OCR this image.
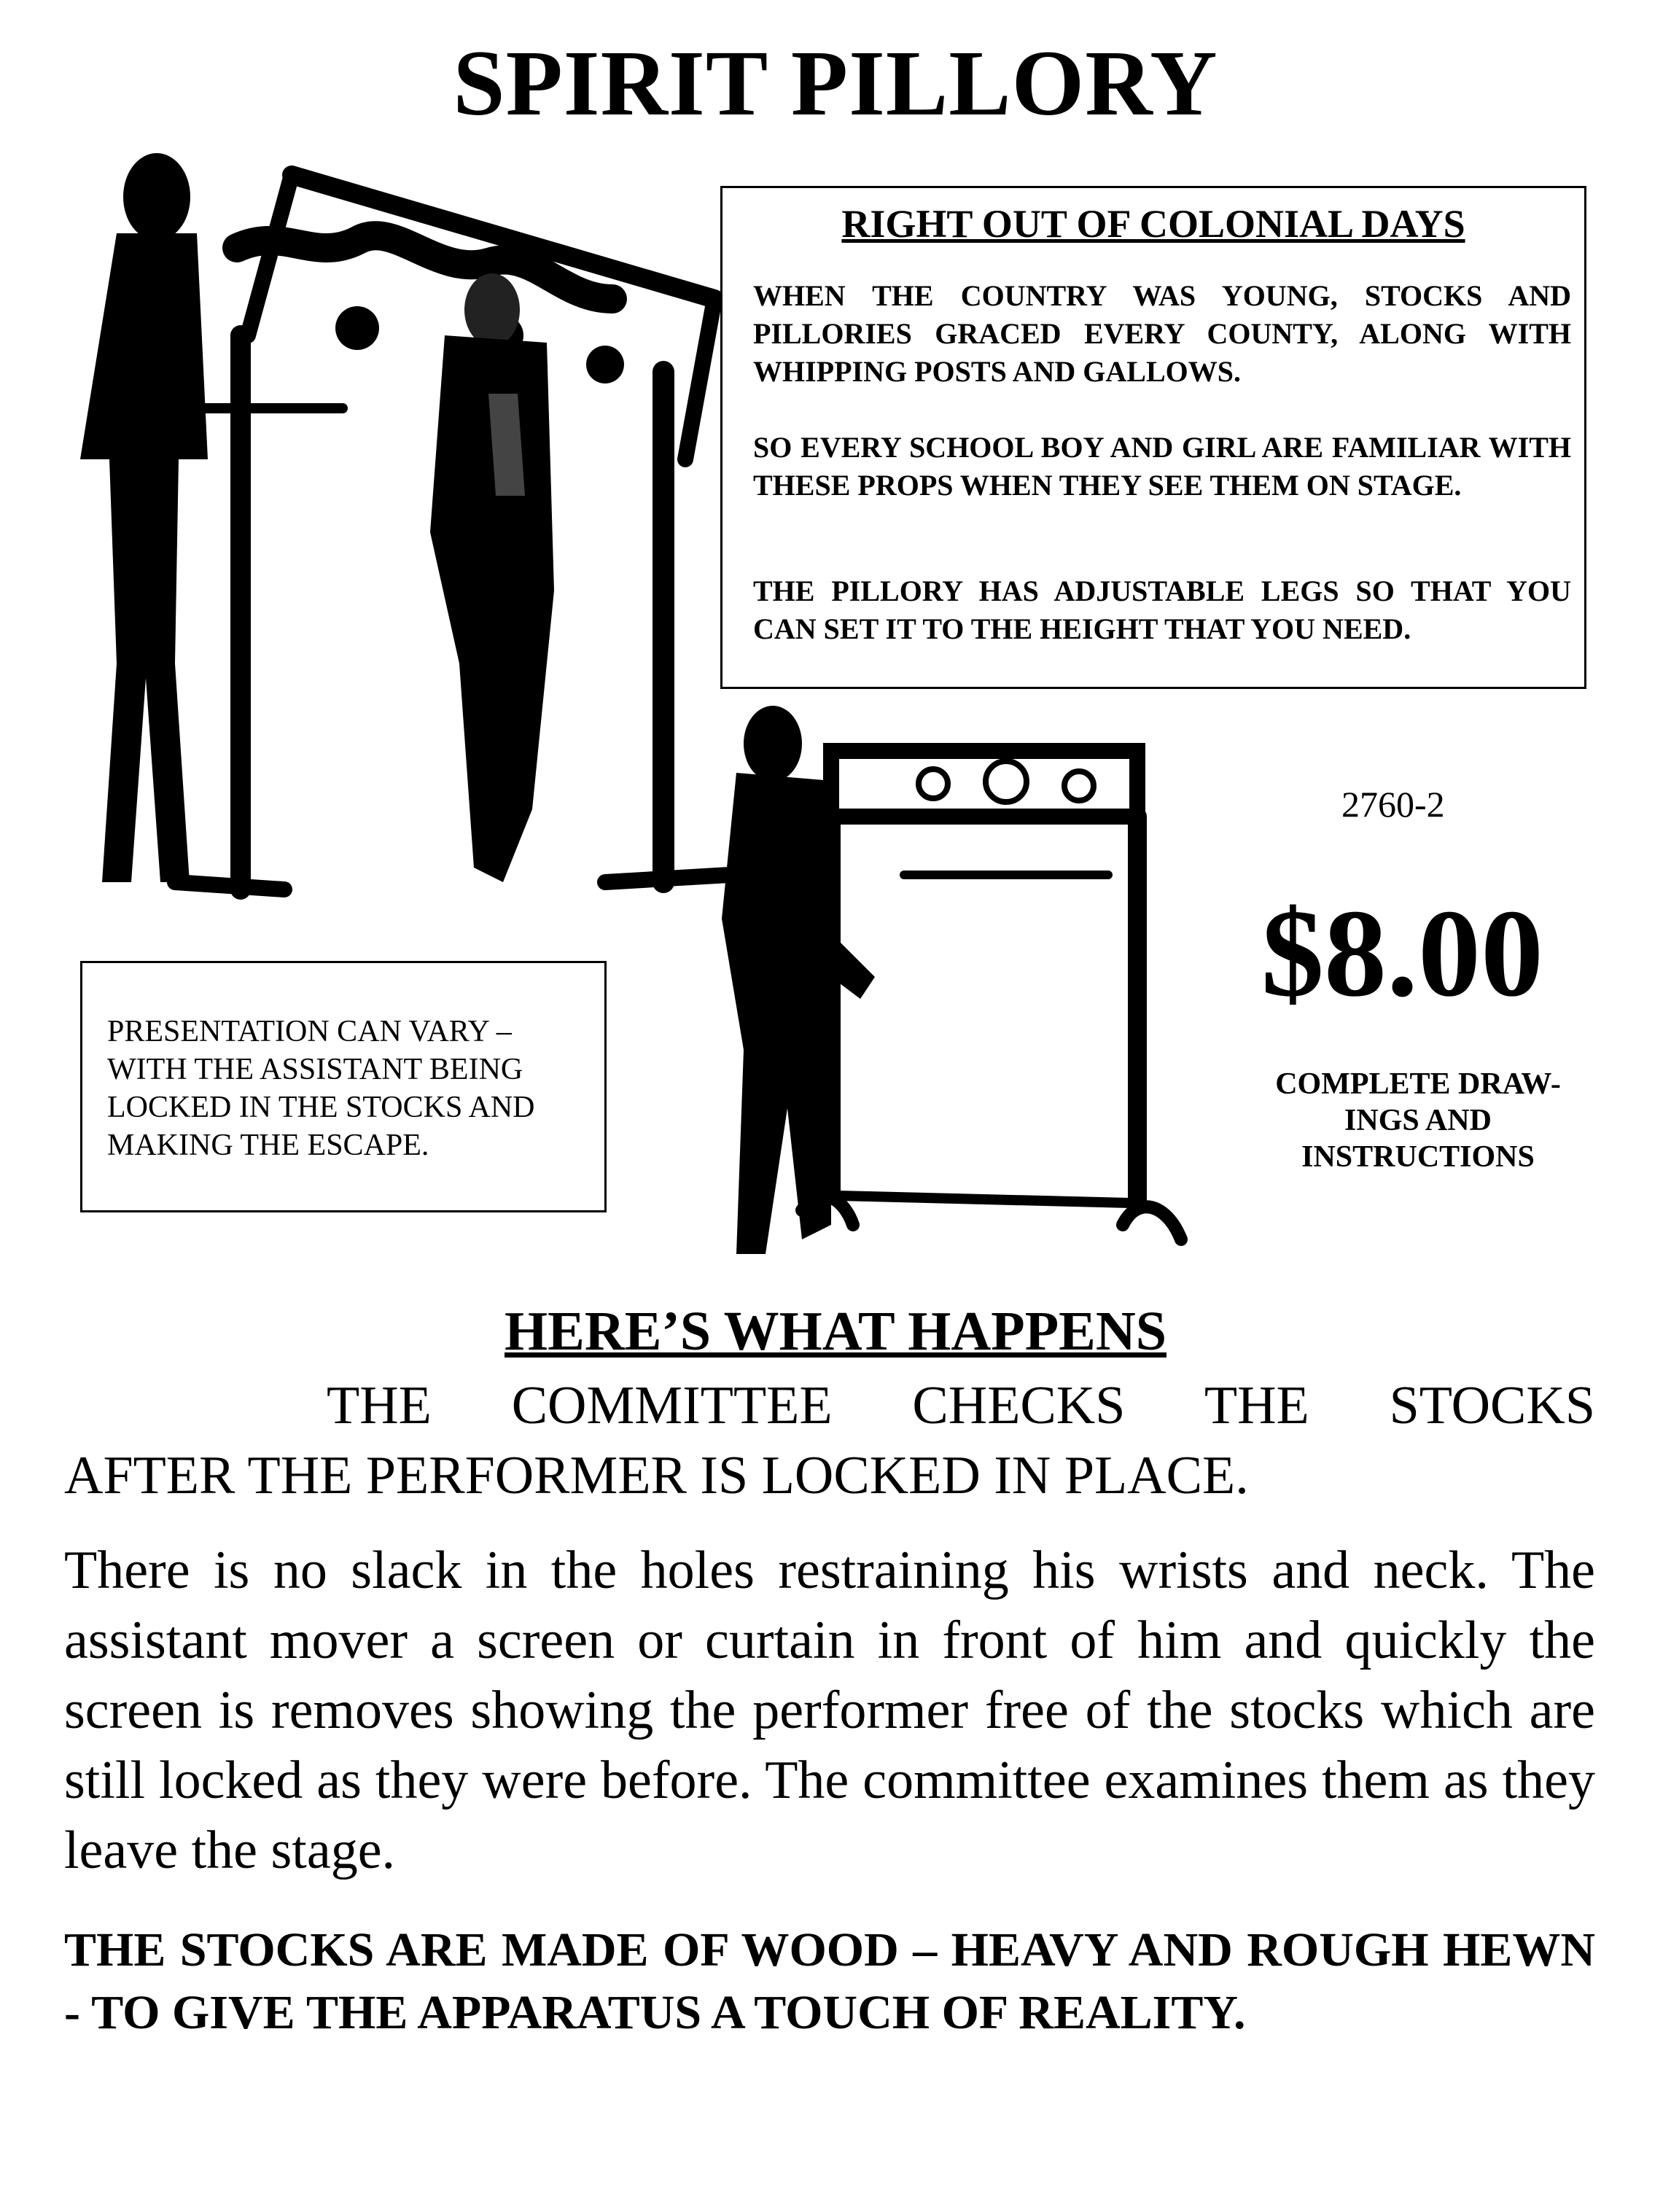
SPIRIT PILLORY
RIGHT OUT OF COLONIAL DAYS
WHEN THE COUNTRY WAS YOUNG, STOCKS AND PILLORIES GRACED EVERY COUNTY, ALONG WITH WHIPPING POSTS AND GALLOWS.
SO EVERY SCHOOL BOY AND GIRL ARE FAMILIAR WITH THESE PROPS WHEN THEY SEE THEM ON STAGE.
THE PILLORY HAS ADJUSTABLE LEGS SO THAT YOU CAN SET IT TO THE HEIGHT THAT YOU NEED.
PRESENTATION CAN VARY –
WITH THE ASSISTANT BEING
LOCKED IN THE STOCKS AND
MAKING THE ESCAPE.
2760-2
$8.00
COMPLETE DRAW-
INGS AND
INSTRUCTIONS
HERE’S WHAT HAPPENS
THE COMMITTEE CHECKS THE STOCKS
AFTER THE PERFORMER IS LOCKED IN PLACE.
There is no slack in the holes restraining his wrists and neck. The assistant mover a screen or curtain in front of him and quickly the screen is removes showing the performer free of the stocks which are still locked as they were before. The committee examines them as they leave the stage.
THE STOCKS ARE MADE OF WOOD – HEAVY AND ROUGH HEWN - TO GIVE THE APPARATUS A TOUCH OF REALITY.
